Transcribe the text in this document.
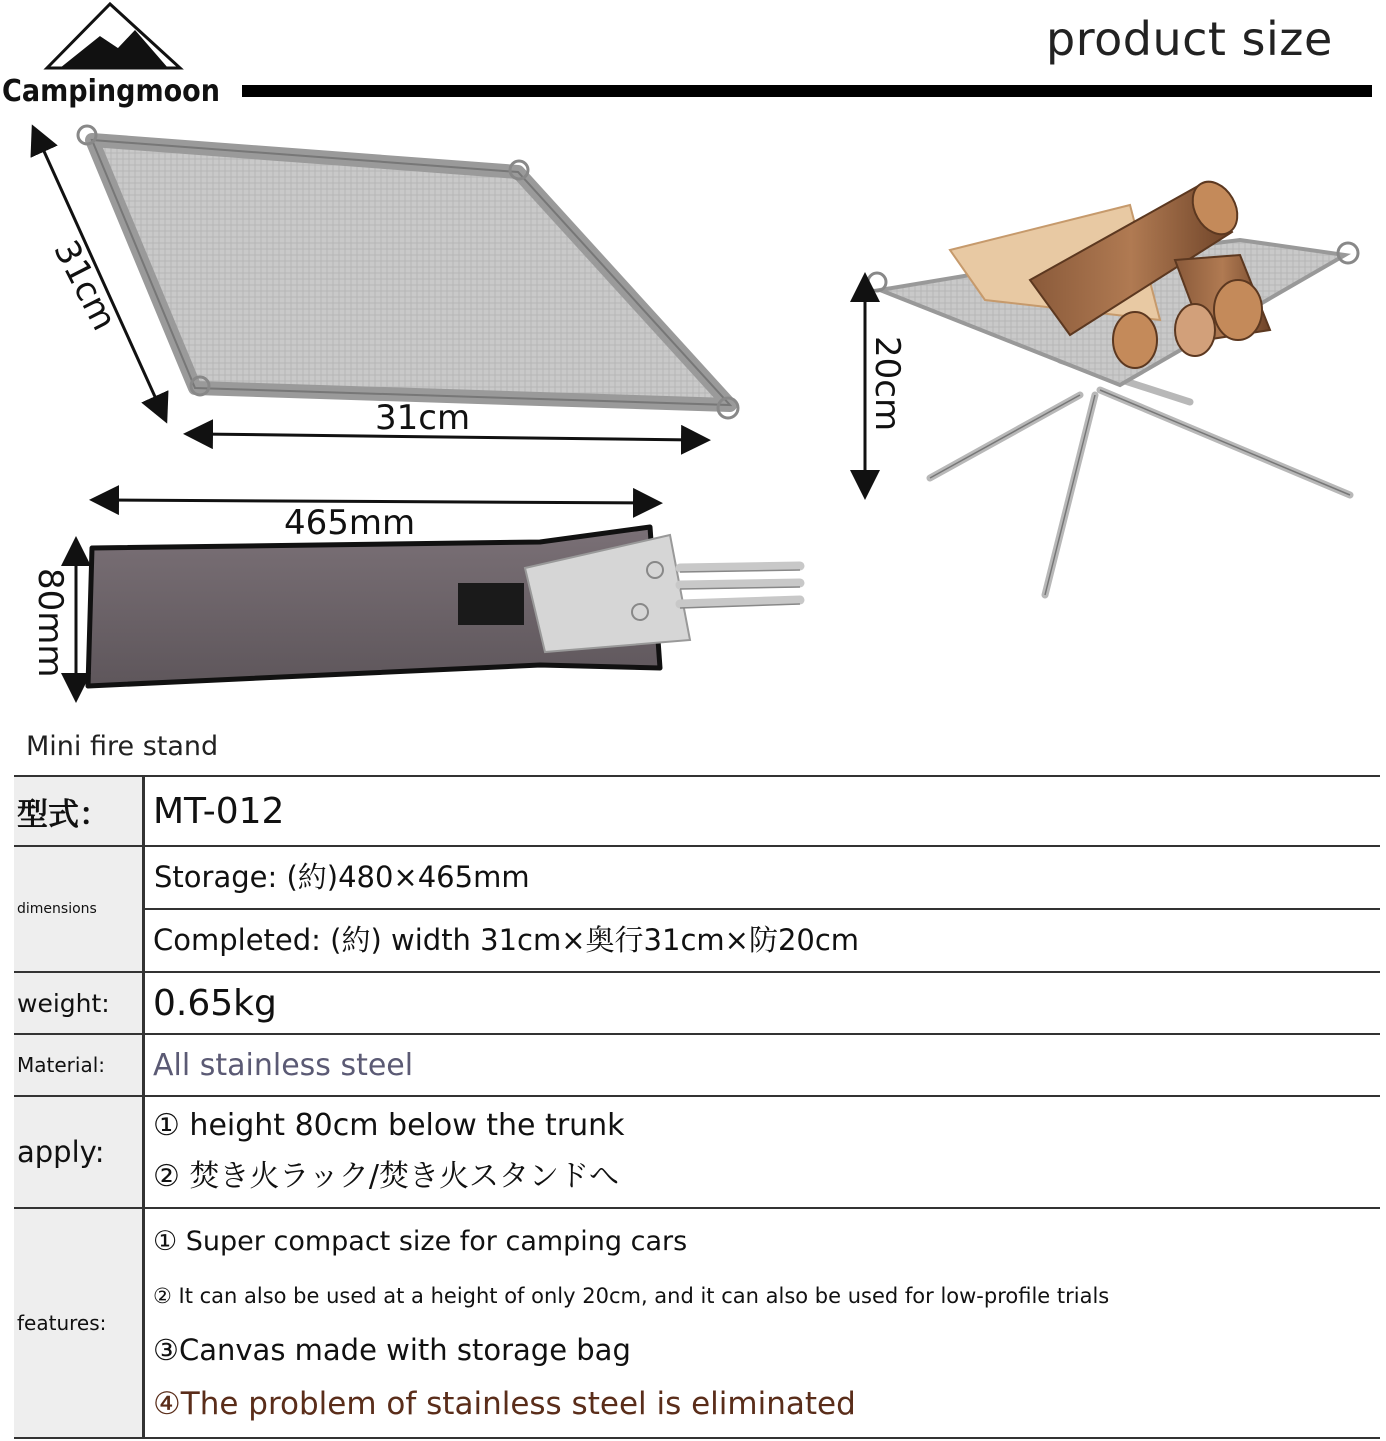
Campingmoon
product size
31cm
31cm	20cm
465mm
80mm
Mini fire stand
型式：	MT-012
dimensions	Storage: (約)480×465mm
Completed: (約) width 31cm×奥行31cm×防20cm

weight:	0.65kg
Material:	All stainless steel
apply:	① height 80cm below the trunk
② 焚き火ラック/焚き火スタンドへ

features:	① Super compact size for camping cars
② It can also be used at a height of only 20cm, and it can also be used for low-profile trials
③Canvas made with storage bag
④The problem of stainless steel is eliminated
